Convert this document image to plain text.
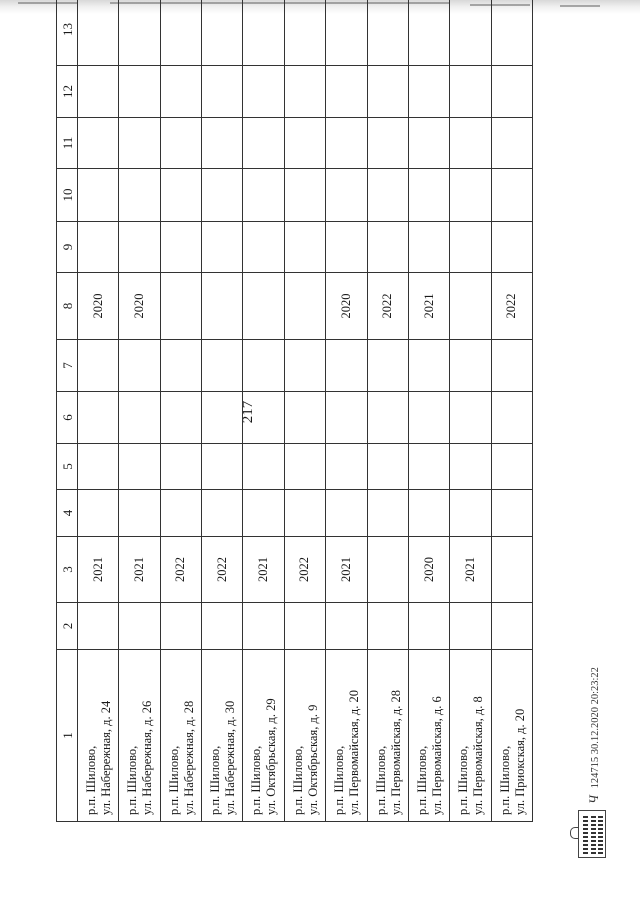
217
1	2	3	4	5	6	7	8	9	10	11	12	13

р.п. Шилово, ул. Набережная, д. 24		2021					2020					

р.п. Шилово, ул. Набережная, д. 26		2021					2020					

р.п. Шилово, ул. Набережная, д. 28		2022										

р.п. Шилово, ул. Набережная, д. 30		2022										

р.п. Шилово, ул. Октябрьская, д. 29		2021										

р.п. Шилово, ул. Октябрьская, д. 9		2022										

р.п. Шилово, ул. Первомайская, д. 20		2021					2020					

р.п. Шилово, ул. Первомайская, д. 28							2022					

р.п. Шилово, ул. Первомайская, д. 6		2020					2021					

р.п. Шилово, ул. Первомайская, д. 8		2021										

р.п. Шилово, ул. Приокская, д. 20							2022					
Ч 124715 30.12.2020 20:23:22
